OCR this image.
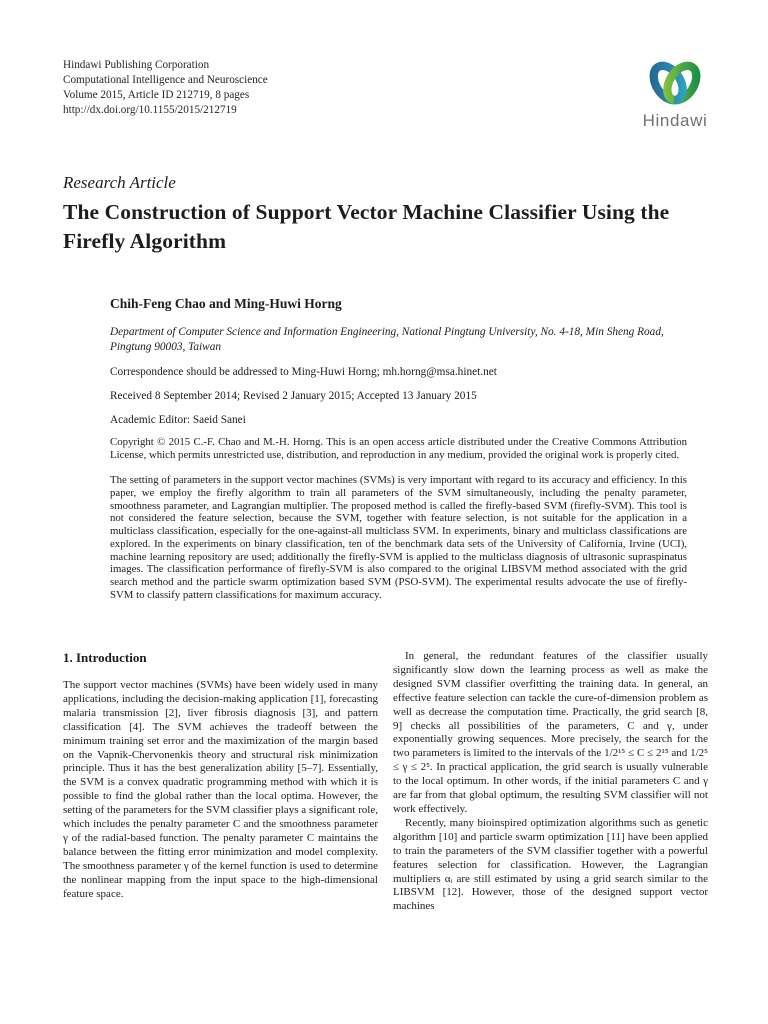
Hindawi Publishing Corporation
Computational Intelligence and Neuroscience
Volume 2015, Article ID 212719, 8 pages
http://dx.doi.org/10.1155/2015/212719
Hindawi
Research Article
The Construction of Support Vector Machine Classifier Using the Firefly Algorithm
Chih-Feng Chao and Ming-Huwi Horng
Department of Computer Science and Information Engineering, National Pingtung University, No. 4-18, Min Sheng Road, Pingtung 90003, Taiwan
Correspondence should be addressed to Ming-Huwi Horng; mh.horng@msa.hinet.net
Received 8 September 2014; Revised 2 January 2015; Accepted 13 January 2015
Academic Editor: Saeid Sanei
Copyright © 2015 C.-F. Chao and M.-H. Horng. This is an open access article distributed under the Creative Commons Attribution License, which permits unrestricted use, distribution, and reproduction in any medium, provided the original work is properly cited.
The setting of parameters in the support vector machines (SVMs) is very important with regard to its accuracy and efficiency. In this paper, we employ the firefly algorithm to train all parameters of the SVM simultaneously, including the penalty parameter, smoothness parameter, and Lagrangian multiplier. The proposed method is called the firefly-based SVM (firefly-SVM). This tool is not considered the feature selection, because the SVM, together with feature selection, is not suitable for the application in a multiclass classification, especially for the one-against-all multiclass SVM. In experiments, binary and multiclass classifications are explored. In the experiments on binary classification, ten of the benchmark data sets of the University of California, Irvine (UCI), machine learning repository are used; additionally the firefly-SVM is applied to the multiclass diagnosis of ultrasonic supraspinatus images. The classification performance of firefly-SVM is also compared to the original LIBSVM method associated with the grid search method and the particle swarm optimization based SVM (PSO-SVM). The experimental results advocate the use of firefly-SVM to classify pattern classifications for maximum accuracy.
1. Introduction

The support vector machines (SVMs) have been widely used in many applications, including the decision-making application [1], forecasting malaria transmission [2], liver fibrosis diagnosis [3], and pattern classification [4]. The SVM achieves the tradeoff between the minimum training set error and the maximization of the margin based on the Vapnik-Chervonenkis theory and structural risk minimization principle. Thus it has the best generalization ability [5–7]. Essentially, the SVM is a convex quadratic programming method with which it is possible to find the global rather than the local optima. However, the setting of the parameters for the SVM classifier plays a significant role, which includes the penalty parameter C and the smoothness parameter γ of the radial-based function. The penalty parameter C maintains the balance between the fitting error minimization and model complexity. The smoothness parameter γ of the kernel function is used to determine the nonlinear mapping from the input space to the high-dimensional feature space.

In general, the redundant features of the classifier usually significantly slow down the learning process as well as make the designed SVM classifier overfitting the training data. In general, an effective feature selection can tackle the cure-of-dimension problem as well as decrease the computation time. Practically, the grid search [8, 9] checks all possibilities of the parameters, C and γ, under exponentially growing sequences. More precisely, the search for the two parameters is limited to the intervals of the 1/2¹⁵ ≤ C ≤ 2¹⁵ and 1/2⁵ ≤ γ ≤ 2⁵. In practical application, the grid search is usually vulnerable to the local optimum. In other words, if the initial parameters C and γ are far from that global optimum, the resulting SVM classifier will not work effectively.

Recently, many bioinspired optimization algorithms such as genetic algorithm [10] and particle swarm optimization [11] have been applied to train the parameters of the SVM classifier together with a powerful features selection for classification. However, the Lagrangian multipliers αᵢ are still estimated by using a grid search similar to the LIBSVM [12]. However, those of the designed support vector machines
